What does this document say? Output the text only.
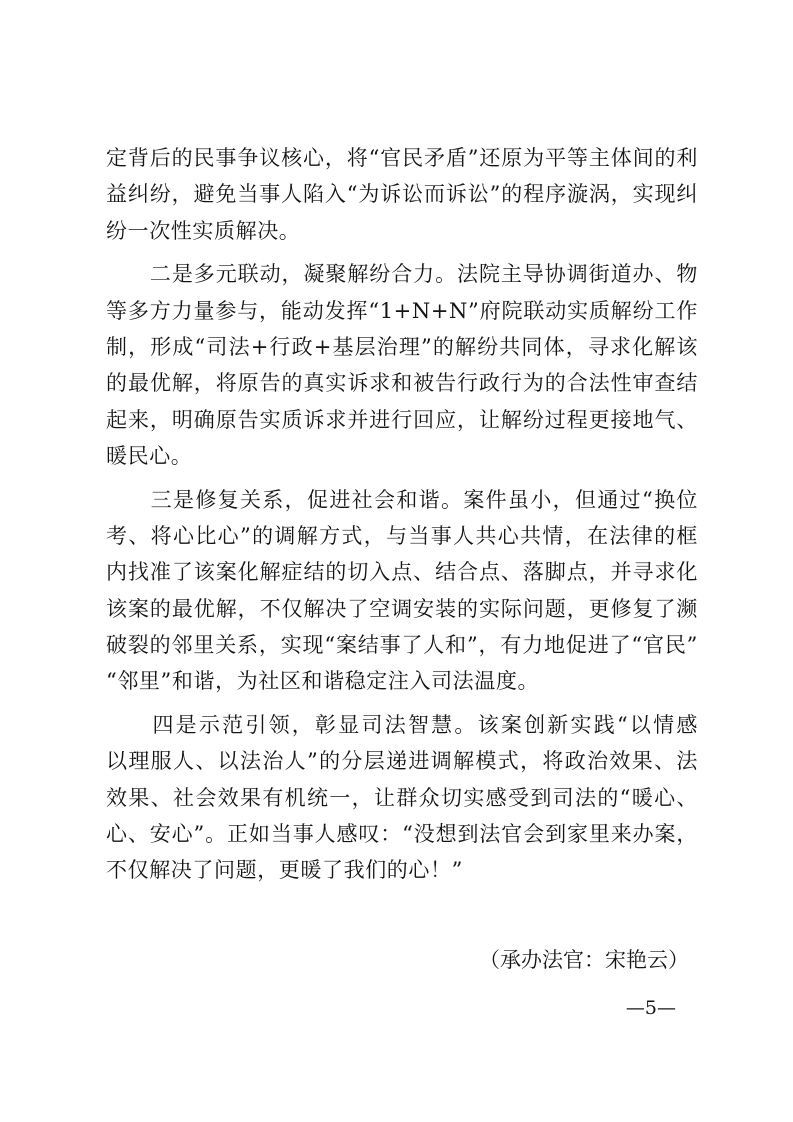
定背后的民事争议核心，将“官民矛盾”还原为平等主体间的利
益纠纷，避免当事人陷入“为诉讼而诉讼”的程序漩涡，实现纠
纷一次性实质解决。
　　二是多元联动，凝聚解纷合力。法院主导协调街道办、物
等多方力量参与，能动发挥“1+N+N”府院联动实质解纷工作
制，形成“司法+行政+基层治理”的解纷共同体，寻求化解该
的最优解，将原告的真实诉求和被告行政行为的合法性审查结
起来，明确原告实质诉求并进行回应，让解纷过程更接地气、
暖民心。
　　三是修复关系，促进社会和谐。案件虽小，但通过“换位
考、将心比心”的调解方式，与当事人共心共情，在法律的框
内找准了该案化解症结的切入点、结合点、落脚点，并寻求化
该案的最优解，不仅解决了空调安装的实际问题，更修复了濒
破裂的邻里关系，实现“案结事了人和”，有力地促进了“官民”
“邻里”和谐，为社区和谐稳定注入司法温度。
　　四是示范引领，彰显司法智慧。该案创新实践“以情感
以理服人、以法治人”的分层递进调解模式，将政治效果、法
效果、社会效果有机统一，让群众切实感受到司法的“暖心、
心、安心”。正如当事人感叹：“没想到法官会到家里来办案，
不仅解决了问题，更暖了我们的心！”
（承办法官：宋艳云）
—5—
